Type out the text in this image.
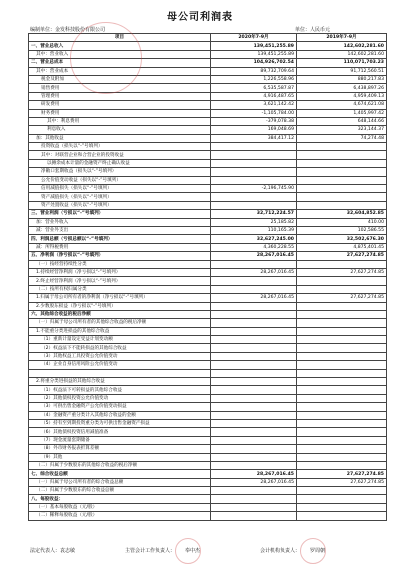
母公司利润表
编制单位：金发科技股份有限公司	单位：人民币元
项目	2020年7-9月	2019年7-9月
一、营业总收入	139,451,255.89	142,602,281.60
其中：营业收入	139,451,255.89	142,602,281.60
二、营业总成本	104,926,702.54	110,071,703.23
其中：营业成本	89,732,709.64	91,712,560.51
税金及附加	1,226,558.96	880,217.83
销售费用	6,535,587.87	6,438,897.26
管理费用	4,916,487.65	4,959,409.13
研发费用	3,621,142.42	4,674,621.08
财务费用	-1,105,784.00	1,405,997.42
其中：利息费用	-379,078.38	648,144.66
利息收入	169,048.69	323,144.37
加：其他收益	384,417.12	74,274.48
投资收益（损失以“-”号填列）		
其中：对联营企业和合营企业的投资收益		
以摊余成本计量的金融资产终止确认收益		
净敞口套期收益（损失以“-”号填列）		
公允价值变动收益（损失以“-”号填列）		
信用减值损失（损失以“-”号填列）	-2,196,745.90	
资产减值损失（损失以“-”号填列）		
资产处置收益（损失以“-”号填列）		
三、营业利润（亏损以“-”号填列）	32,712,224.57	32,604,852.85
加：营业外收入	25,185.82	410.00
减：营业外支出	110,165.39	102,586.55
四、利润总额（亏损总额以“-”号填列）	32,627,245.00	32,502,676.30
减：所得税费用	4,360,228.55	4,875,401.45
五、净利润（净亏损以“-”号填列）	28,267,016.45	27,627,274.85
（一）按经营持续性分类		
1.持续经营净利润（净亏损以“-”号填列）	28,267,016.45	27,627,274.85
2.终止经营净利润（净亏损以“-”号填列）		
（二）按所有权归属分类		
1.归属于母公司所有者的净利润（净亏损以“-”号填列）	28,267,016.45	27,627,274.85
2.少数股东损益（净亏损以“-”号填列）		
六、其他综合收益的税后净额		
（一）归属于母公司所有者的其他综合收益的税后净额		
1.不能重分类进损益的其他综合收益		
（1）重新计量设定受益计划变动额		
（2）权益法下不能转损益的其他综合收益		
（3）其他权益工具投资公允价值变动		
（4）企业自身信用风险公允价值变动		

2.将重分类进损益的其他综合收益		
（1）权益法下可转损益的其他综合收益		
（2）其他债权投资公允价值变动		
（3）可供出售金融资产公允价值变动损益		
（4）金融资产重分类计入其他综合收益的金额		
（5）持有至到期投资重分类为可供出售金融资产损益		
（6）其他债权投资信用减值准备		
（7）现金流量套期储备		
（8）外币财务报表折算差额		
（9）其他		
（二）归属于少数股东的其他综合收益的税后净额		
七、综合收益总额	28,267,016.45	27,627,274.85
（一）归属于母公司所有者的综合收益总额	28,267,016.45	27,627,274.85
（二）归属于少数股东的综合收益总额		
八、每股收益：		
（一）基本每股收益（元/股）		
（二）稀释每股收益（元/股）		
法定代表人： 袁志敏	主管会计工作负责人： 奉中杰	会计机构负责人： 罗周朝
